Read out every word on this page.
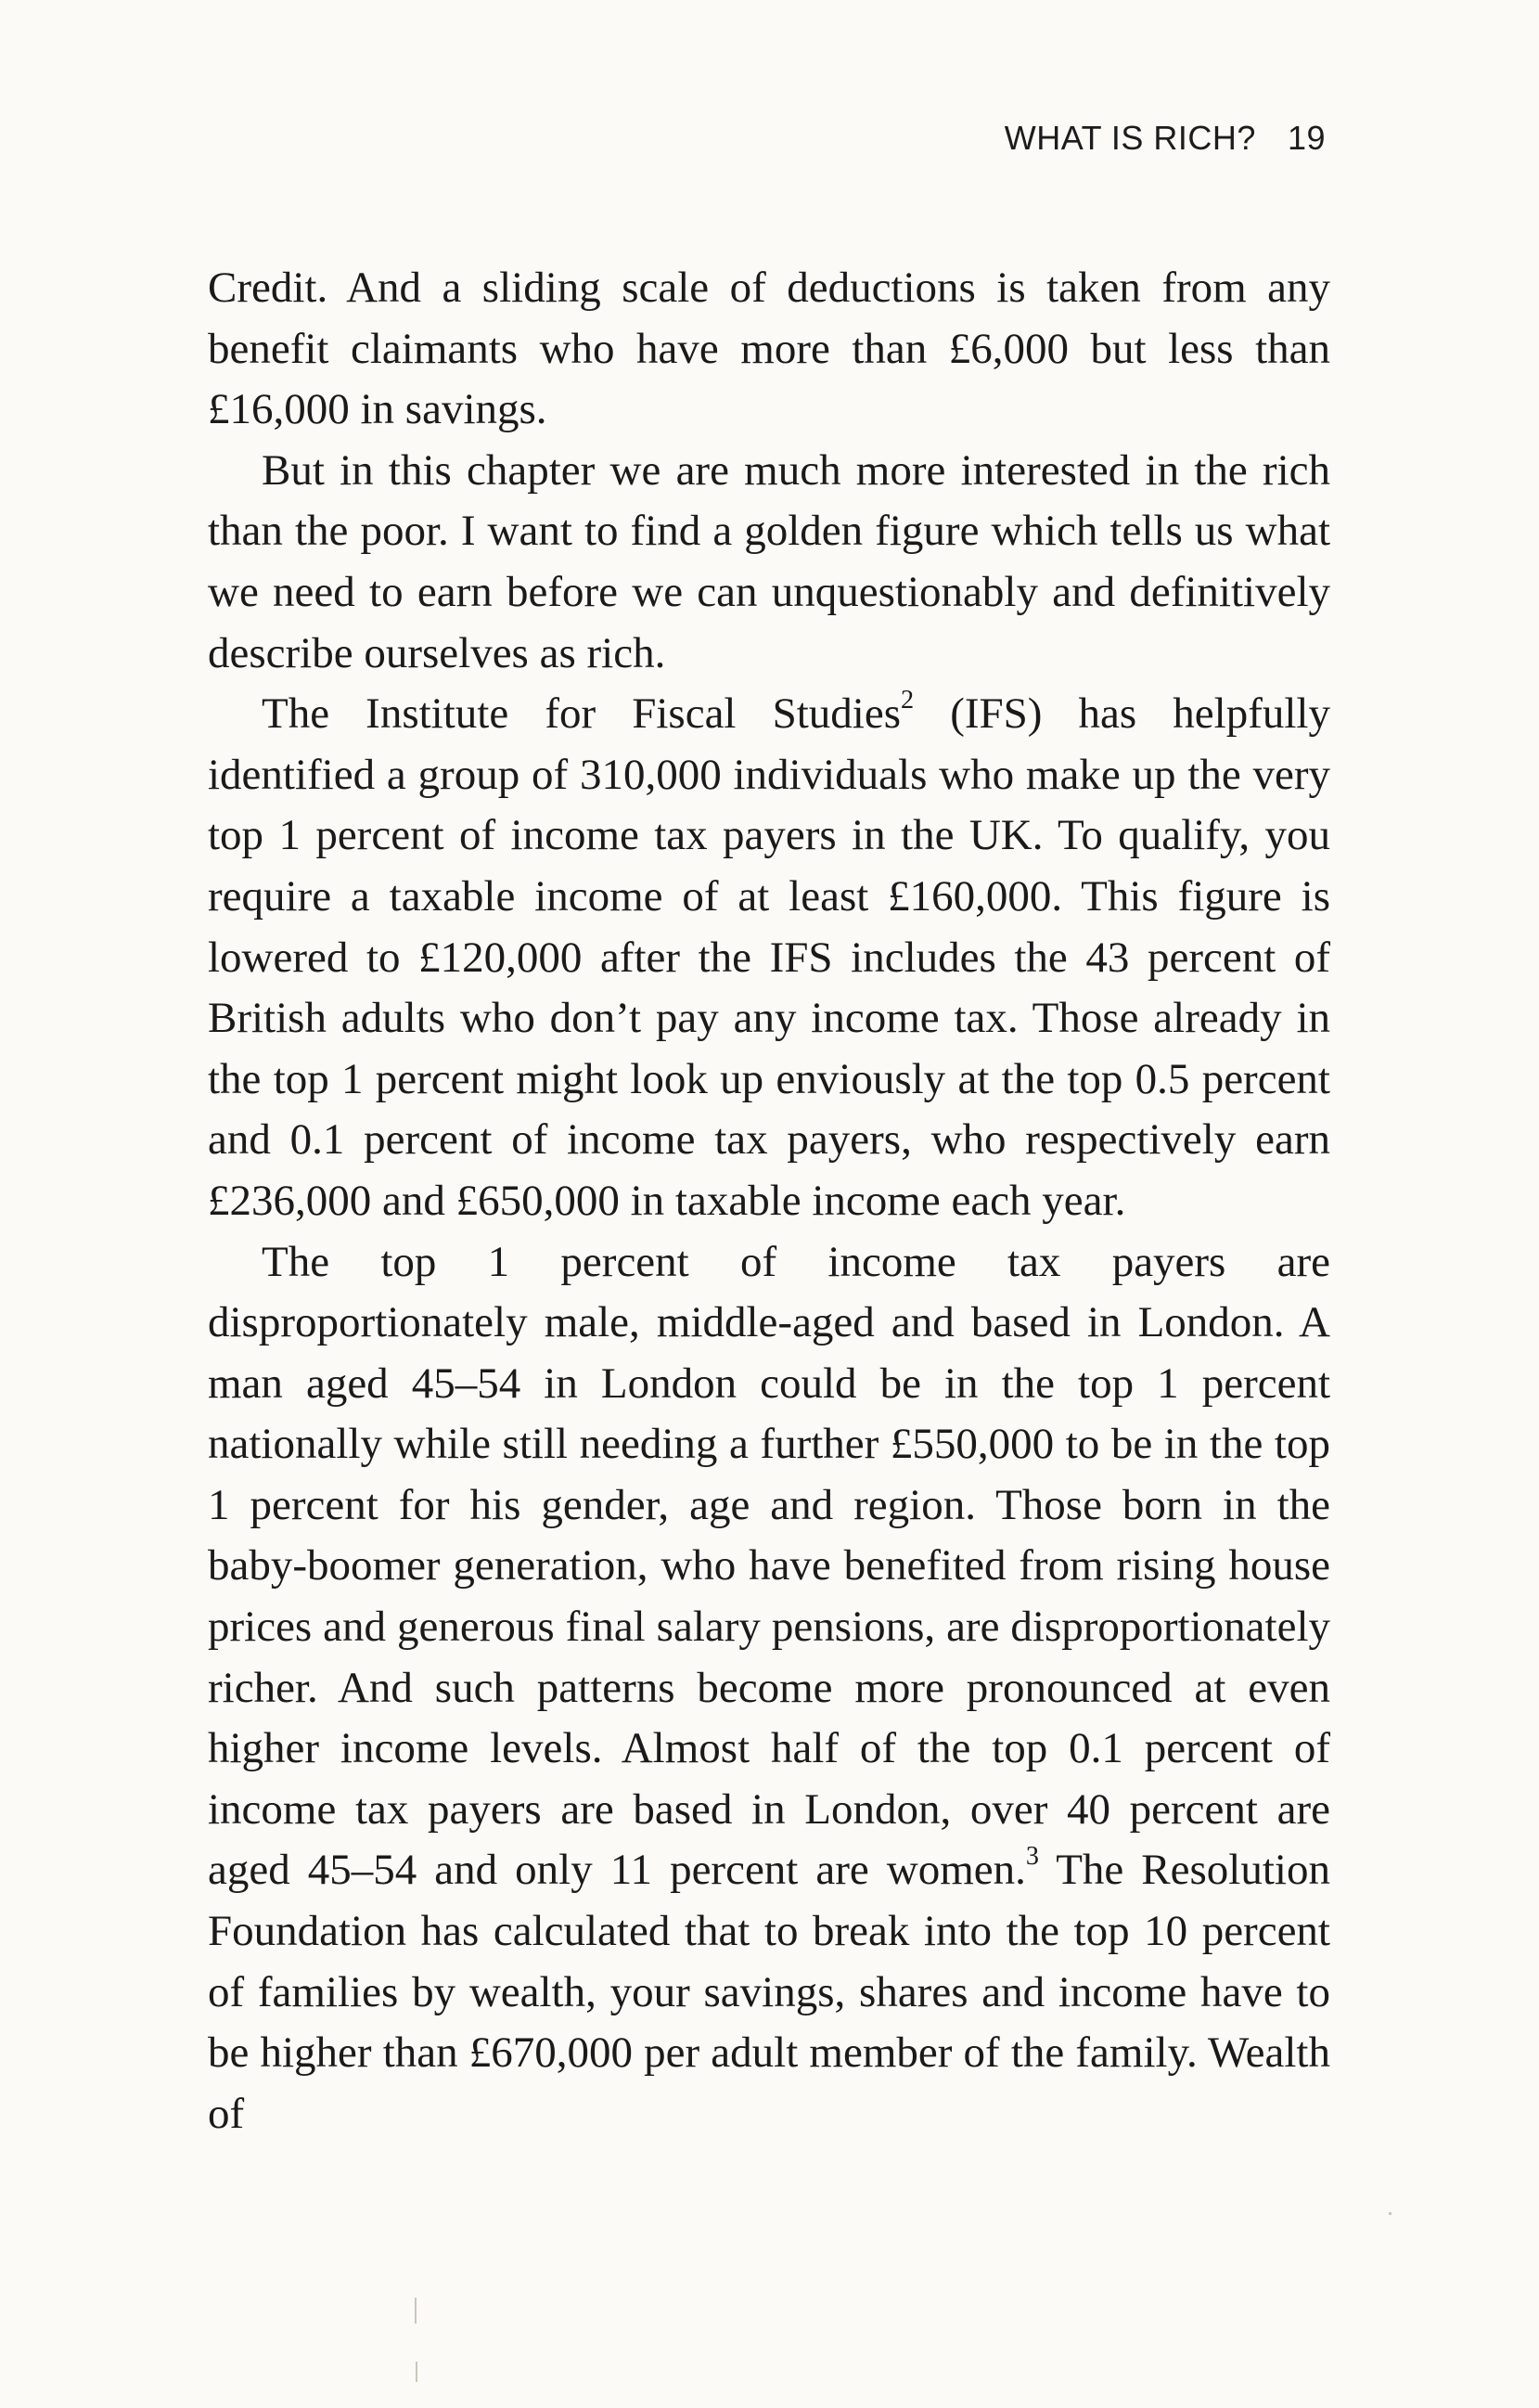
WHAT IS RICH? 19

Credit. And a sliding scale of deductions is taken from any benefit claimants who have more than £6,000 but less than £16,000 in savings.

But in this chapter we are much more interested in the rich than the poor. I want to find a golden figure which tells us what we need to earn before we can unquestionably and definitively describe ourselves as rich.

The Institute for Fiscal Studies$^2$ (IFS) has helpfully identified a group of 310,000 individuals who make up the very top 1 percent of income tax payers in the UK. To qualify, you require a taxable income of at least £160,000. This figure is lowered to £120,000 after the IFS includes the 43 percent of British adults who don’t pay any income tax. Those already in the top 1 percent might look up enviously at the top 0.5 percent and 0.1 percent of income tax payers, who respectively earn £236,000 and £650,000 in taxable income each year.

The top 1 percent of income tax payers are disproportionately male, middle-aged and based in London. A man aged 45–54 in London could be in the top 1 percent nationally while still needing a further £550,000 to be in the top 1 percent for his gender, age and region. Those born in the baby-boomer generation, who have benefited from rising house prices and generous final salary pensions, are disproportionately richer. And such patterns become more pronounced at even higher income levels. Almost half of the top 0.1 percent of income tax payers are based in London, over 40 percent are aged 45–54 and only 11 percent are women.$^3$ The Resolution Foundation has calculated that to break into the top 10 percent of families by wealth, your savings, shares and income have to be higher than £670,000 per adult member of the family. Wealth of
